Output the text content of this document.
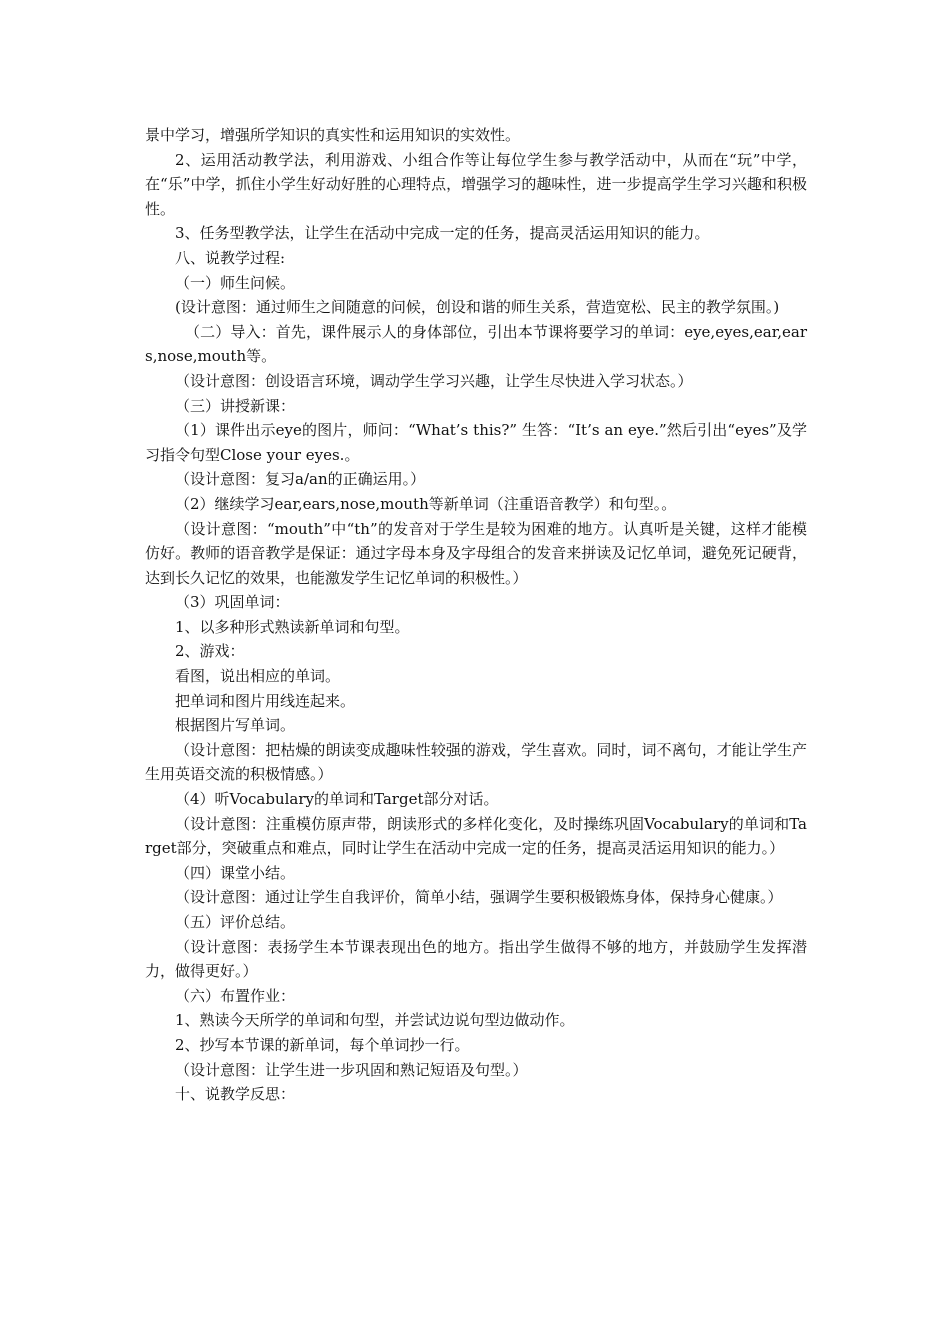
景中学习，增强所学知识的真实性和运用知识的实效性。

2、运用活动教学法，利用游戏、小组合作等让每位学生参与教学活动中，从而在“玩”中学，在“乐”中学，抓住小学生好动好胜的心理特点，增强学习的趣味性，进一步提高学生学习兴趣和积极性。

3、任务型教学法，让学生在活动中完成一定的任务，提高灵活运用知识的能力。

八、说教学过程:

（一）师生问候。

(设计意图：通过师生之间随意的问候，创设和谐的师生关系，营造宽松、民主的教学氛围。)

（二）导入：首先，课件展示人的身体部位，引出本节课将要学习的单词：eye,eyes,ear,ears,nose,mouth等。

（设计意图：创设语言环境，调动学生学习兴趣，让学生尽快进入学习状态。）

（三）讲授新课：

（1）课件出示eye的图片，师问：“What’s this?” 生答：“It’s an eye.”然后引出“eyes”及学习指令句型Close your eyes.。

（设计意图：复习a/an的正确运用。）

（2）继续学习ear,ears,nose,mouth等新单词（注重语音教学）和句型。。

（设计意图：“mouth”中“th”的发音对于学生是较为困难的地方。认真听是关键，这样才能模仿好。教师的语音教学是保证：通过字母本身及字母组合的发音来拼读及记忆单词，避免死记硬背，达到长久记忆的效果，也能激发学生记忆单词的积极性。）

（3）巩固单词：

1、以多种形式熟读新单词和句型。

2、游戏：

看图，说出相应的单词。

把单词和图片用线连起来。

根据图片写单词。

（设计意图：把枯燥的朗读变成趣味性较强的游戏，学生喜欢。同时，词不离句，才能让学生产生用英语交流的积极情感。）

（4）听Vocabulary的单词和Target部分对话。

（设计意图：注重模仿原声带，朗读形式的多样化变化，及时操练巩固Vocabulary的单词和Target部分，突破重点和难点，同时让学生在活动中完成一定的任务，提高灵活运用知识的能力。）

（四）课堂小结。

（设计意图：通过让学生自我评价，简单小结，强调学生要积极锻炼身体，保持身心健康。）

（五）评价总结。

（设计意图：表扬学生本节课表现出色的地方。指出学生做得不够的地方，并鼓励学生发挥潜力，做得更好。）

（六）布置作业：

1、熟读今天所学的单词和句型，并尝试边说句型边做动作。

2、抄写本节课的新单词，每个单词抄一行。

（设计意图：让学生进一步巩固和熟记短语及句型。）

十、说教学反思：
